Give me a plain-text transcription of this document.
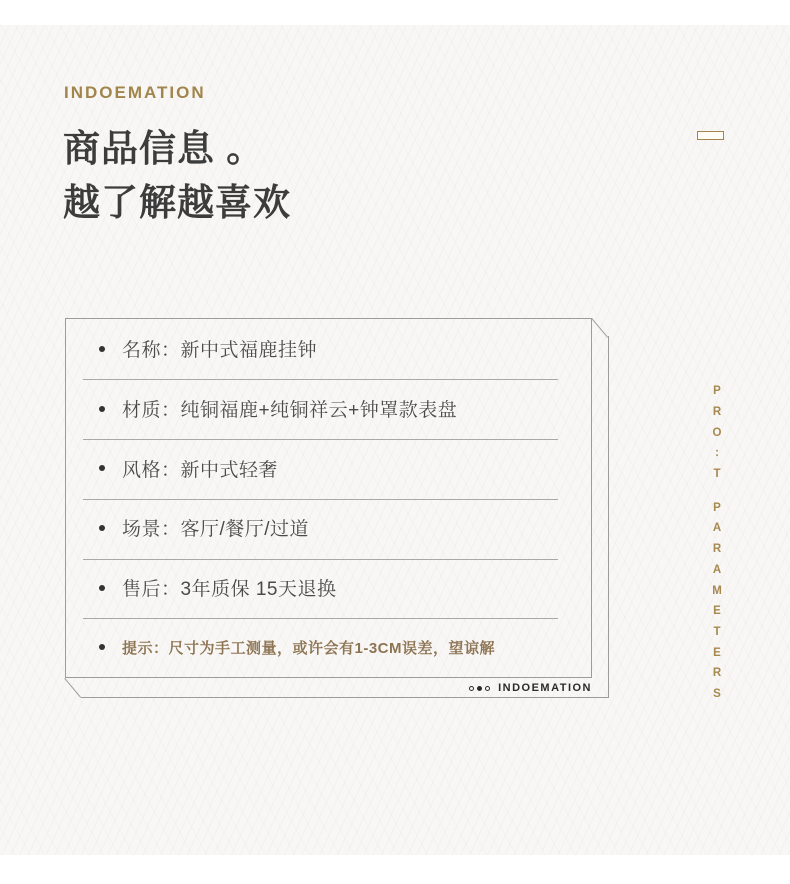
INDOEMATION
商品信息 。
越了解越喜欢
名称：新中式福鹿挂钟
材质：纯铜福鹿+纯铜祥云+钟罩款表盘
风格：新中式轻奢
场景：客厅/餐厅/过道
售后：3年质保 15天退换
提示：尺寸为手工测量，或许会有1-3CM误差，望谅解
INDOEMATION
P
R
O
:
T
P
A
R
A
M
E
T
E
R
S
